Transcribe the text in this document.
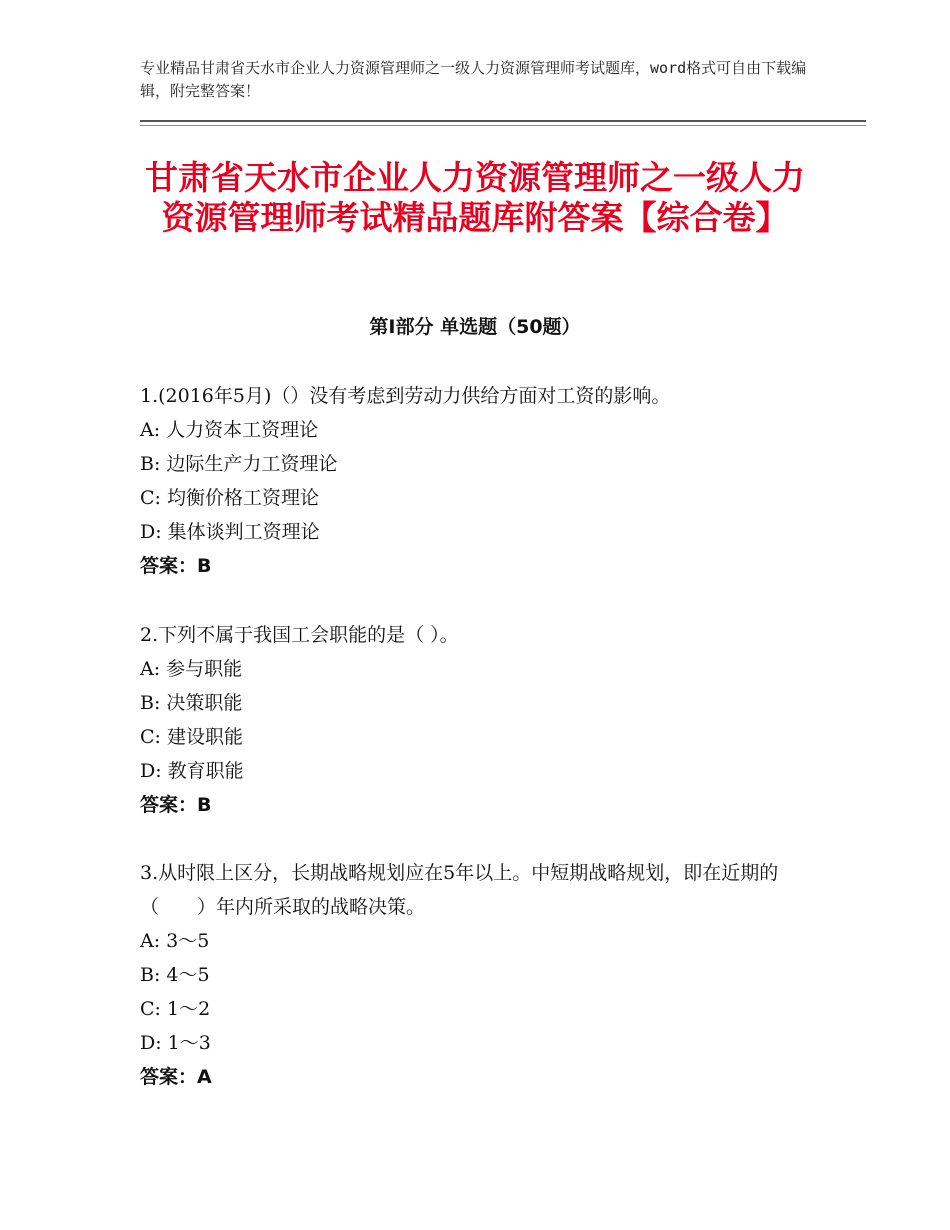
专业精品甘肃省天水市企业人力资源管理师之一级人力资源管理师考试题库，word格式可自由下载编辑，附完整答案！
甘肃省天水市企业人力资源管理师之一级人力资源管理师考试精品题库附答案【综合卷】
第Ⅰ部分 单选题（50题）

1.(2016年5月)（）没有考虑到劳动力供给方面对工资的影响。

A: 人力资本工资理论

B: 边际生产力工资理论

C: 均衡价格工资理论

D: 集体谈判工资理论

答案：B

2.下列不属于我国工会职能的是（ ）。

A: 参与职能

B: 决策职能

C: 建设职能

D: 教育职能

答案：B

3.从时限上区分，长期战略规划应在5年以上。中短期战略规划，即在近期的（　　）年内所采取的战略决策。

A: 3～5

B: 4～5

C: 1～2

D: 1～3

答案：A
